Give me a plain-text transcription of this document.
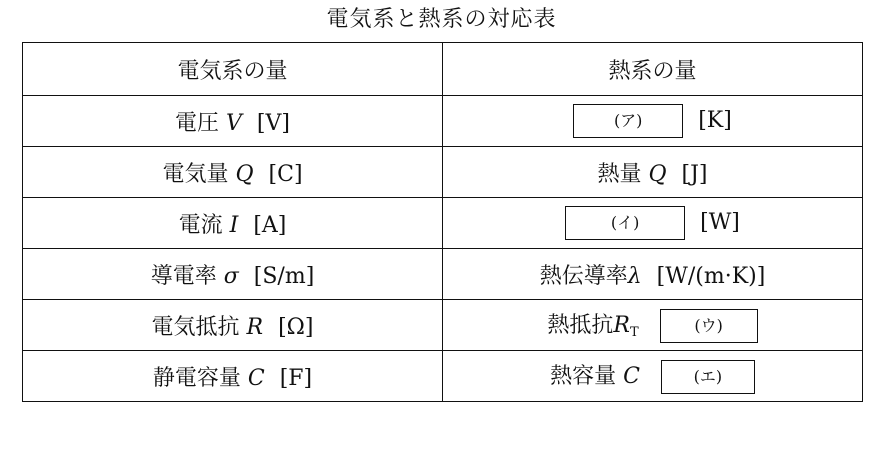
電気系と熱系の対応表
電気系の量	熱系の量
電圧 V [V]	(ア) [K]
電気量 Q [C]	熱量 Q [J]
電流 I [A]	(イ) [W]
導電率 σ [S/m]	熱伝導率λ [W/(m·K)]
電気抵抗 R [Ω]	熱抵抗$R_T$ (ウ)
静電容量 C [F]	熱容量 C (エ)
